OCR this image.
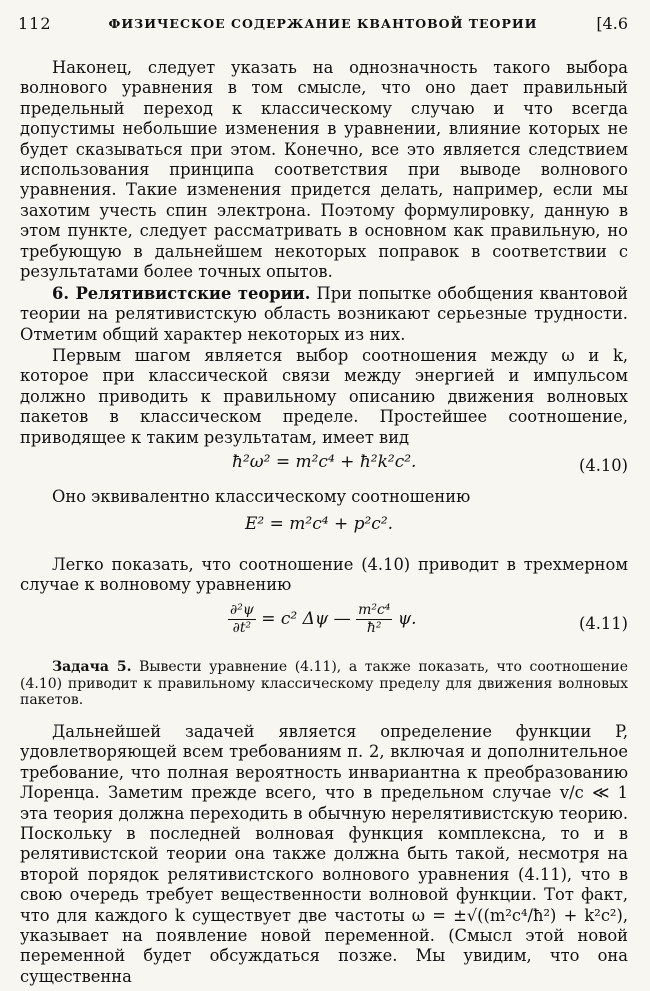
112	ФИЗИЧЕСКОЕ СОДЕРЖАНИЕ КВАНТОВОЙ ТЕОРИИ	[4.6

Наконец, следует указать на однозначность такого выбора волнового уравнения в том смысле, что оно дает правильный предельный переход к классическому случаю и что всегда допустимы небольшие изменения в уравнении, влияние которых не будет сказываться при этом. Конечно, все это является следствием использования принципа соответствия при выводе волнового уравнения. Такие изменения придется делать, например, если мы захотим учесть спин электрона. Поэтому формулировку, данную в этом пункте, следует рассматривать в основном как правильную, но требующую в дальнейшем некоторых поправок в соответствии с результатами более точных опытов.

6. Релятивистские теории. При попытке обобщения квантовой теории на релятивистскую область возникают серьезные трудности. Отметим общий характер некоторых из них.

Первым шагом является выбор соотношения между ω и k, которое при классической связи между энергией и импульсом должно приводить к правильному описанию движения волновых пакетов в классическом пределе. Простейшее соотношение, приводящее к таким результатам, имеет вид

ħ²ω² = m²c⁴ + ħ²k²c².	(4.10)

Оно эквивалентно классическому соотношению

E² = m²c⁴ + p²c².

Легко показать, что соотношение (4.10) приводит в трехмерном случае к волновому уравнению

$\frac{\text{∂²ψ}}{\text{∂t²}} = c^2$ Δψ — $\frac{\text{m²c⁴}}{\text{ħ²}} \psi$.	(4.11)

Задача 5. Вывести уравнение (4.11), а также показать, что соотношение (4.10) приводит к правильному классическому пределу для движения волновых пакетов.

Дальнейшей задачей является определение функции P, удовлетворяющей всем требованиям п. 2, включая и дополнительное требование, что полная вероятность инвариантна к преобразованию Лоренца. Заметим прежде всего, что в предельном случае v/c ≪ 1 эта теория должна переходить в обычную нерелятивистскую теорию. Поскольку в последней волновая функция комплексна, то и в релятивистской теории она также должна быть такой, несмотря на второй порядок релятивистского волнового уравнения (4.11), что в свою очередь требует вещественности волновой функции. Тот факт, что для каждого k существует две частоты ω = ±√((m²c⁴/ħ²) + k²c²), указывает на появление новой переменной. (Смысл этой новой переменной будет обсуждаться позже. Мы увидим, что она существенна
